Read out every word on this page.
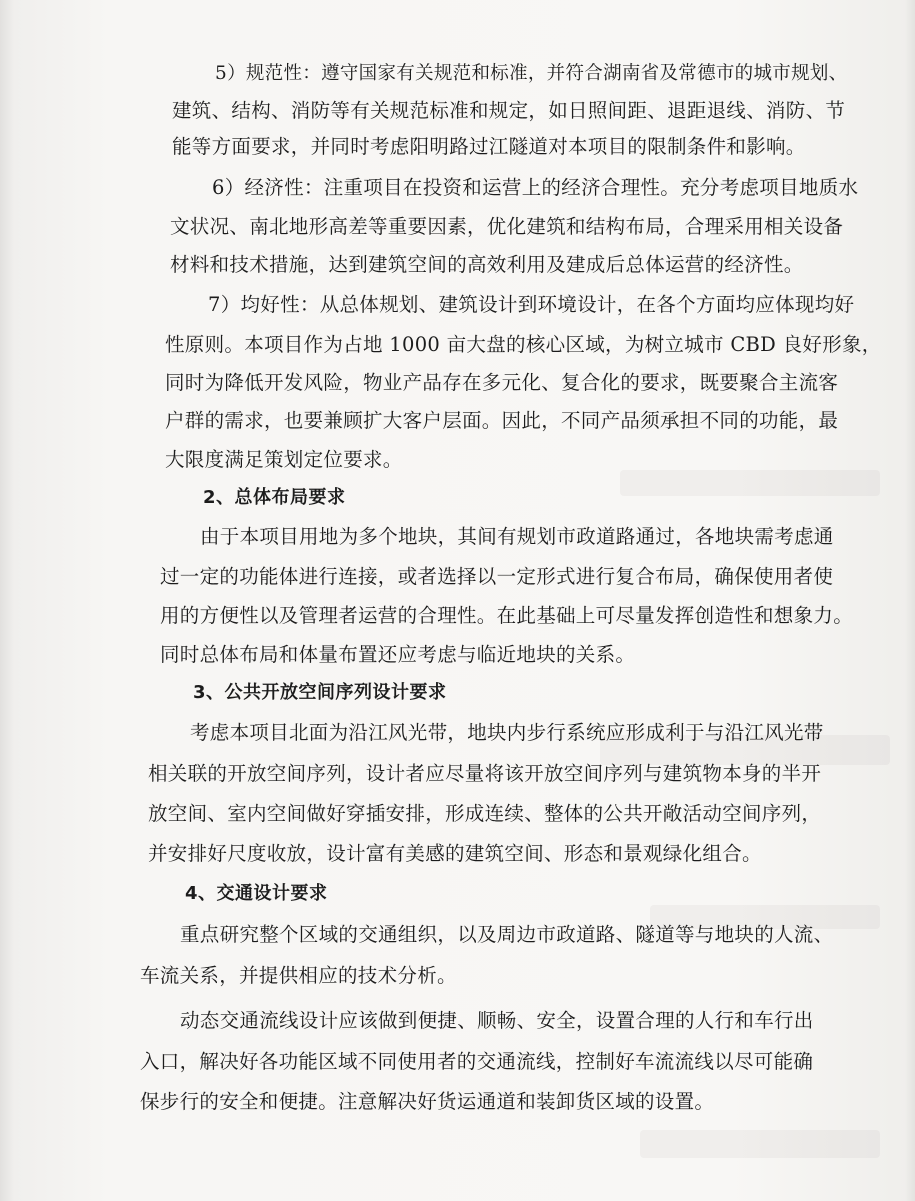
5）规范性：遵守国家有关规范和标准，并符合湖南省及常德市的城市规划、
建筑、结构、消防等有关规范标准和规定，如日照间距、退距退线、消防、节
能等方面要求，并同时考虑阳明路过江隧道对本项目的限制条件和影响。
6）经济性：注重项目在投资和运营上的经济合理性。充分考虑项目地质水
文状况、南北地形高差等重要因素，优化建筑和结构布局，合理采用相关设备
材料和技术措施，达到建筑空间的高效利用及建成后总体运营的经济性。
7）均好性：从总体规划、建筑设计到环境设计，在各个方面均应体现均好
性原则。本项目作为占地 1000 亩大盘的核心区域，为树立城市 CBD 良好形象，
同时为降低开发风险，物业产品存在多元化、复合化的要求，既要聚合主流客
户群的需求，也要兼顾扩大客户层面。因此，不同产品须承担不同的功能，最
大限度满足策划定位要求。
2、总体布局要求
由于本项目用地为多个地块，其间有规划市政道路通过，各地块需考虑通
过一定的功能体进行连接，或者选择以一定形式进行复合布局，确保使用者使
用的方便性以及管理者运营的合理性。在此基础上可尽量发挥创造性和想象力。
同时总体布局和体量布置还应考虑与临近地块的关系。
3、公共开放空间序列设计要求
考虑本项目北面为沿江风光带，地块内步行系统应形成利于与沿江风光带
相关联的开放空间序列，设计者应尽量将该开放空间序列与建筑物本身的半开
放空间、室内空间做好穿插安排，形成连续、整体的公共开敞活动空间序列，
并安排好尺度收放，设计富有美感的建筑空间、形态和景观绿化组合。
4、交通设计要求
重点研究整个区域的交通组织，以及周边市政道路、隧道等与地块的人流、
车流关系，并提供相应的技术分析。
动态交通流线设计应该做到便捷、顺畅、安全，设置合理的人行和车行出
入口，解决好各功能区域不同使用者的交通流线，控制好车流流线以尽可能确
保步行的安全和便捷。注意解决好货运通道和装卸货区域的设置。
